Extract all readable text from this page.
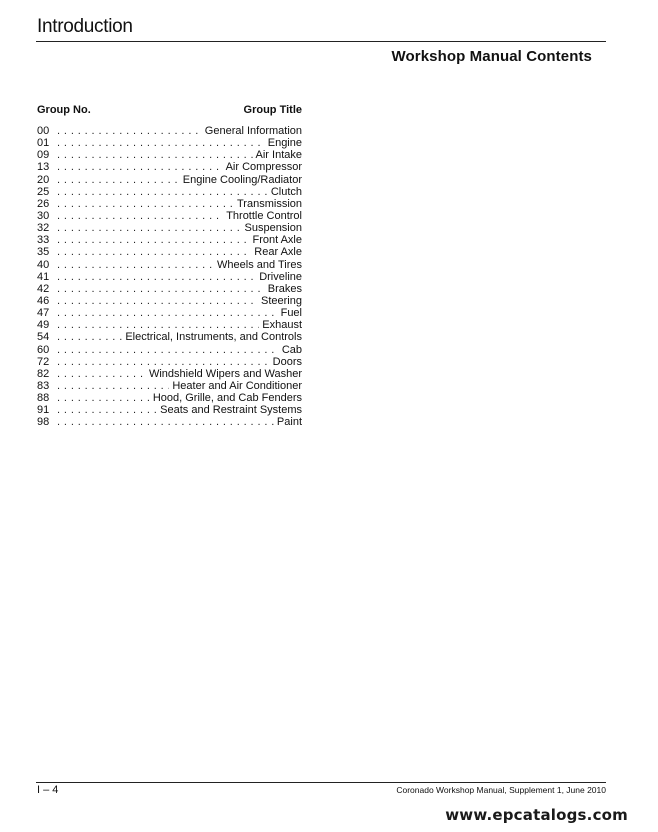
Introduction
Workshop Manual Contents
Group No.	Group Title
00 . . .	General Information
01 . . .	Engine
09 . . .	Air Intake
13 . . .	Air Compressor
20 . . .	Engine Cooling/Radiator
25 . . .	Clutch
26 . . .	Transmission
30 . . .	Throttle Control
32 . . .	Suspension
33 . . .	Front Axle
35 . . .	Rear Axle
40 . . .	Wheels and Tires
41 . . .	Driveline
42 . . .	Brakes
46 . . .	Steering
47 . . .	Fuel
49 . . .	Exhaust
54 . . .	Electrical, Instruments, and Controls
60 . . .	Cab
72 . . .	Doors
82 . . .	Windshield Wipers and Washer
83 . . .	Heater and Air Conditioner
88 . . .	Hood, Grille, and Cab Fenders
91 . . .	Seats and Restraint Systems
98 . . .	Paint
I – 4	Coronado Workshop Manual, Supplement 1, June 2010
www.epcatalogs.com
